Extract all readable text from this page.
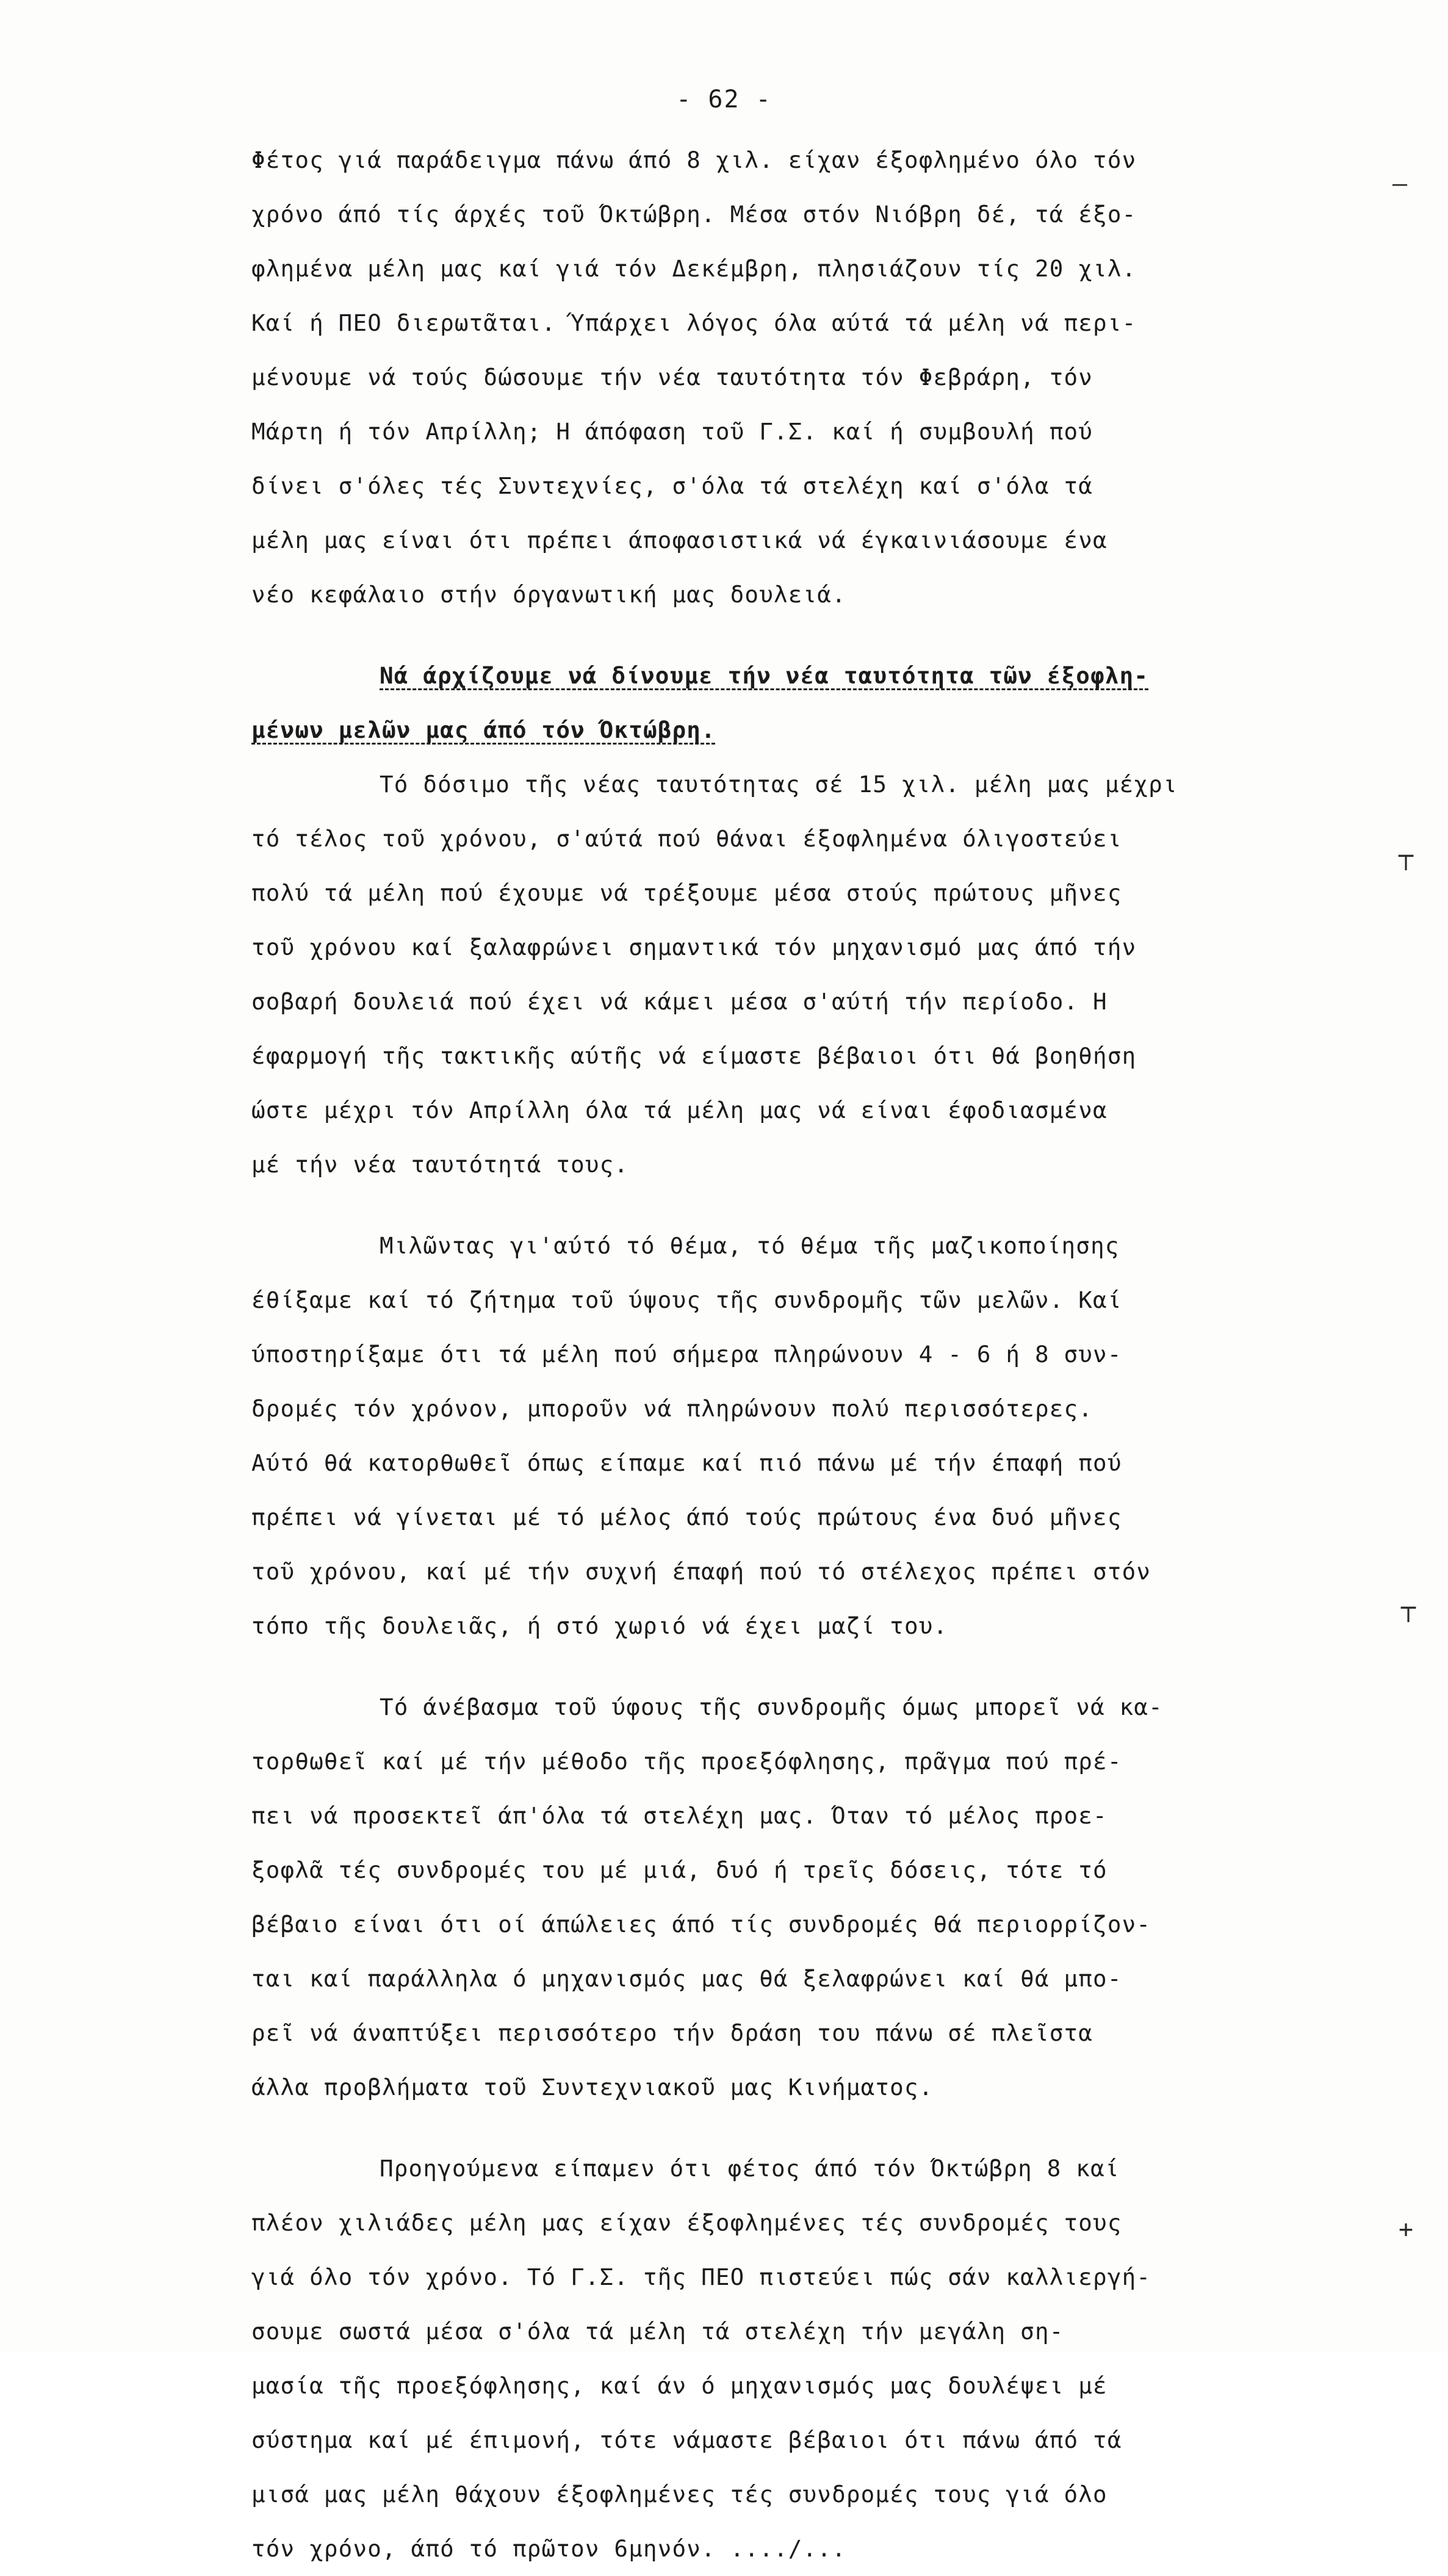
- 62 -
Φέτος γιά παράδειγμα πάνω άπό 8 χιλ. είχαν έξοφλημένο όλο τόν
χρόνο άπό τίς άρχές τοῦ Όκτώβρη. Μέσα στόν Νιόβρη δέ, τά έξο-
φλημένα μέλη μας καί γιά τόν Δεκέμβρη, πλησιάζουν τίς 20 χιλ.
Καί ή ΠΕΟ διερωτᾶται. Ύπάρχει λόγος όλα αύτά τά μέλη νά περι-
μένουμε νά τούς δώσουμε τήν νέα ταυτότητα τόν Φεβράρη, τόν
Μάρτη ή τόν Απρίλλη; Η άπόφαση τοῦ Γ.Σ. καί ή συμβουλή πού
δίνει σ'όλες τές Συντεχνίες, σ'όλα τά στελέχη καί σ'όλα τά
μέλη μας είναι ότι πρέπει άποφασιστικά νά έγκαινιάσουμε ένα
νέο κεφάλαιο στήν όργανωτική μας δουλειά.
Νά άρχίζουμε νά δίνουμε τήν νέα ταυτότητα τῶν έξοφλη-
μένων μελῶν μας άπό τόν Όκτώβρη.
Τό δόσιμο τῆς νέας ταυτότητας σέ 15 χιλ. μέλη μας μέχρι
τό τέλος τοῦ χρόνου, σ'αύτά πού θάναι έξοφλημένα όλιγοστεύει
πολύ τά μέλη πού έχουμε νά τρέξουμε μέσα στούς πρώτους μῆνες
τοῦ χρόνου καί ξαλαφρώνει σημαντικά τόν μηχανισμό μας άπό τήν
σοβαρή δουλειά πού έχει νά κάμει μέσα σ'αύτή τήν περίοδο. Η
έφαρμογή τῆς τακτικῆς αύτῆς νά είμαστε βέβαιοι ότι θά βοηθήση
ώστε μέχρι τόν Απρίλλη όλα τά μέλη μας νά είναι έφοδιασμένα
μέ τήν νέα ταυτότητά τους.
Μιλῶντας γι'αύτό τό θέμα, τό θέμα τῆς μαζικοποίησης
έθίξαμε καί τό ζήτημα τοῦ ύψους τῆς συνδρομῆς τῶν μελῶν. Καί
ύποστηρίξαμε ότι τά μέλη πού σήμερα πληρώνουν 4 - 6 ή 8 συν-
δρομές τόν χρόνον, μποροῦν νά πληρώνουν πολύ περισσότερες.
Αύτό θά κατορθωθεῖ όπως είπαμε καί πιό πάνω μέ τήν έπαφή πού
πρέπει νά γίνεται μέ τό μέλος άπό τούς πρώτους ένα δυό μῆνες
τοῦ χρόνου, καί μέ τήν συχνή έπαφή πού τό στέλεχος πρέπει στόν
τόπο τῆς δουλειᾶς, ή στό χωριό νά έχει μαζί του.
Τό άνέβασμα τοῦ ύφους τῆς συνδρομῆς όμως μπορεῖ νά κα-
τορθωθεῖ καί μέ τήν μέθοδο τῆς προεξόφλησης, πρᾶγμα πού πρέ-
πει νά προσεκτεῖ άπ'όλα τά στελέχη μας. Όταν τό μέλος προε-
ξοφλᾶ τές συνδρομές του μέ μιά, δυό ή τρεῖς δόσεις, τότε τό
βέβαιο είναι ότι οί άπώλειες άπό τίς συνδρομές θά περιορρίζον-
ται καί παράλληλα ό μηχανισμός μας θά ξελαφρώνει καί θά μπο-
ρεῖ νά άναπτύξει περισσότερο τήν δράση του πάνω σέ πλεῖστα
άλλα προβλήματα τοῦ Συντεχνιακοῦ μας Κινήματος.
Προηγούμενα είπαμεν ότι φέτος άπό τόν Όκτώβρη 8 καί
πλέον χιλιάδες μέλη μας είχαν έξοφλημένες τές συνδρομές τους
γιά όλο τόν χρόνο. Τό Γ.Σ. τῆς ΠΕΟ πιστεύει πώς σάν καλλιεργή-
σουμε σωστά μέσα σ'όλα τά μέλη τά στελέχη τήν μεγάλη ση-
μασία τῆς προεξόφλησης, καί άν ό μηχανισμός μας δουλέψει μέ
σύστημα καί μέ έπιμονή, τότε νάμαστε βέβαιοι ότι πάνω άπό τά
μισά μας μέλη θάχουν έξοφλημένες τές συνδρομές τους γιά όλο
τόν χρόνο, άπό τό πρῶτον 6μηνόν. ..../...
—
┬
┬
+
